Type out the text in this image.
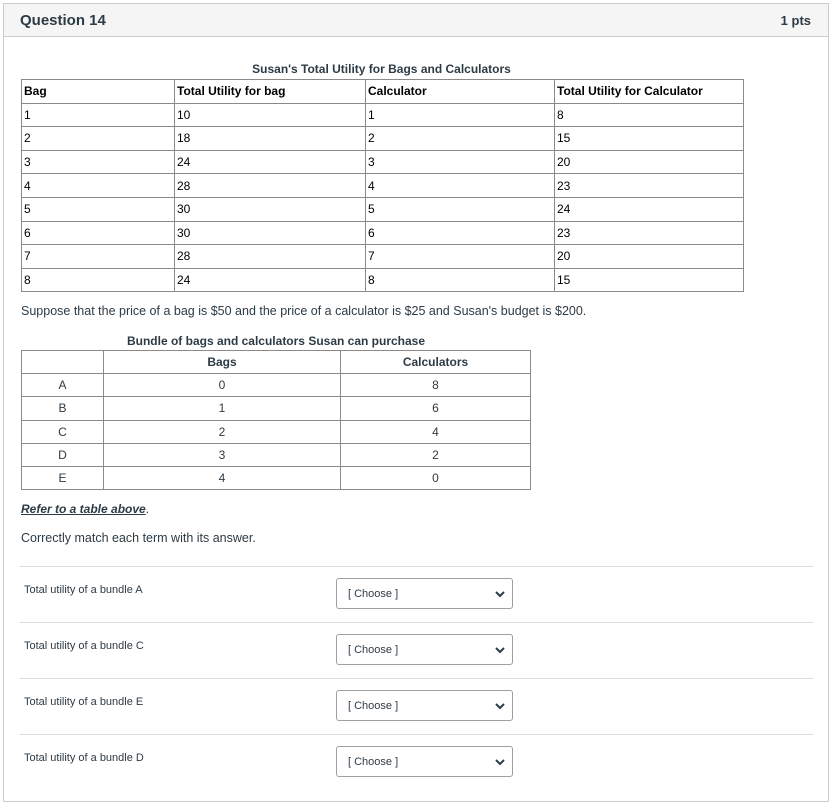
Question 14	1 pts
Susan's Total Utility for Bags and Calculators
Bag	Total Utility for bag	Calculator	Total Utility for Calculator
1	10	1	8
2	18	2	15
3	24	3	20
4	28	4	23
5	30	5	24
6	30	6	23
7	28	7	20
8	24	8	15
Suppose that the price of a bag is $50 and the price of a calculator is $25 and Susan's budget is $200.
Bundle of bags and calculators Susan can purchase
	Bags	Calculators
A	0	8
B	1	6
C	2	4
D	3	2
E	4	0
Refer to a table above.
Correctly match each term with its answer.
Total utility of a bundle A	[ Choose ]
Total utility of a bundle C	[ Choose ]
Total utility of a bundle E	[ Choose ]
Total utility of a bundle D	[ Choose ]
